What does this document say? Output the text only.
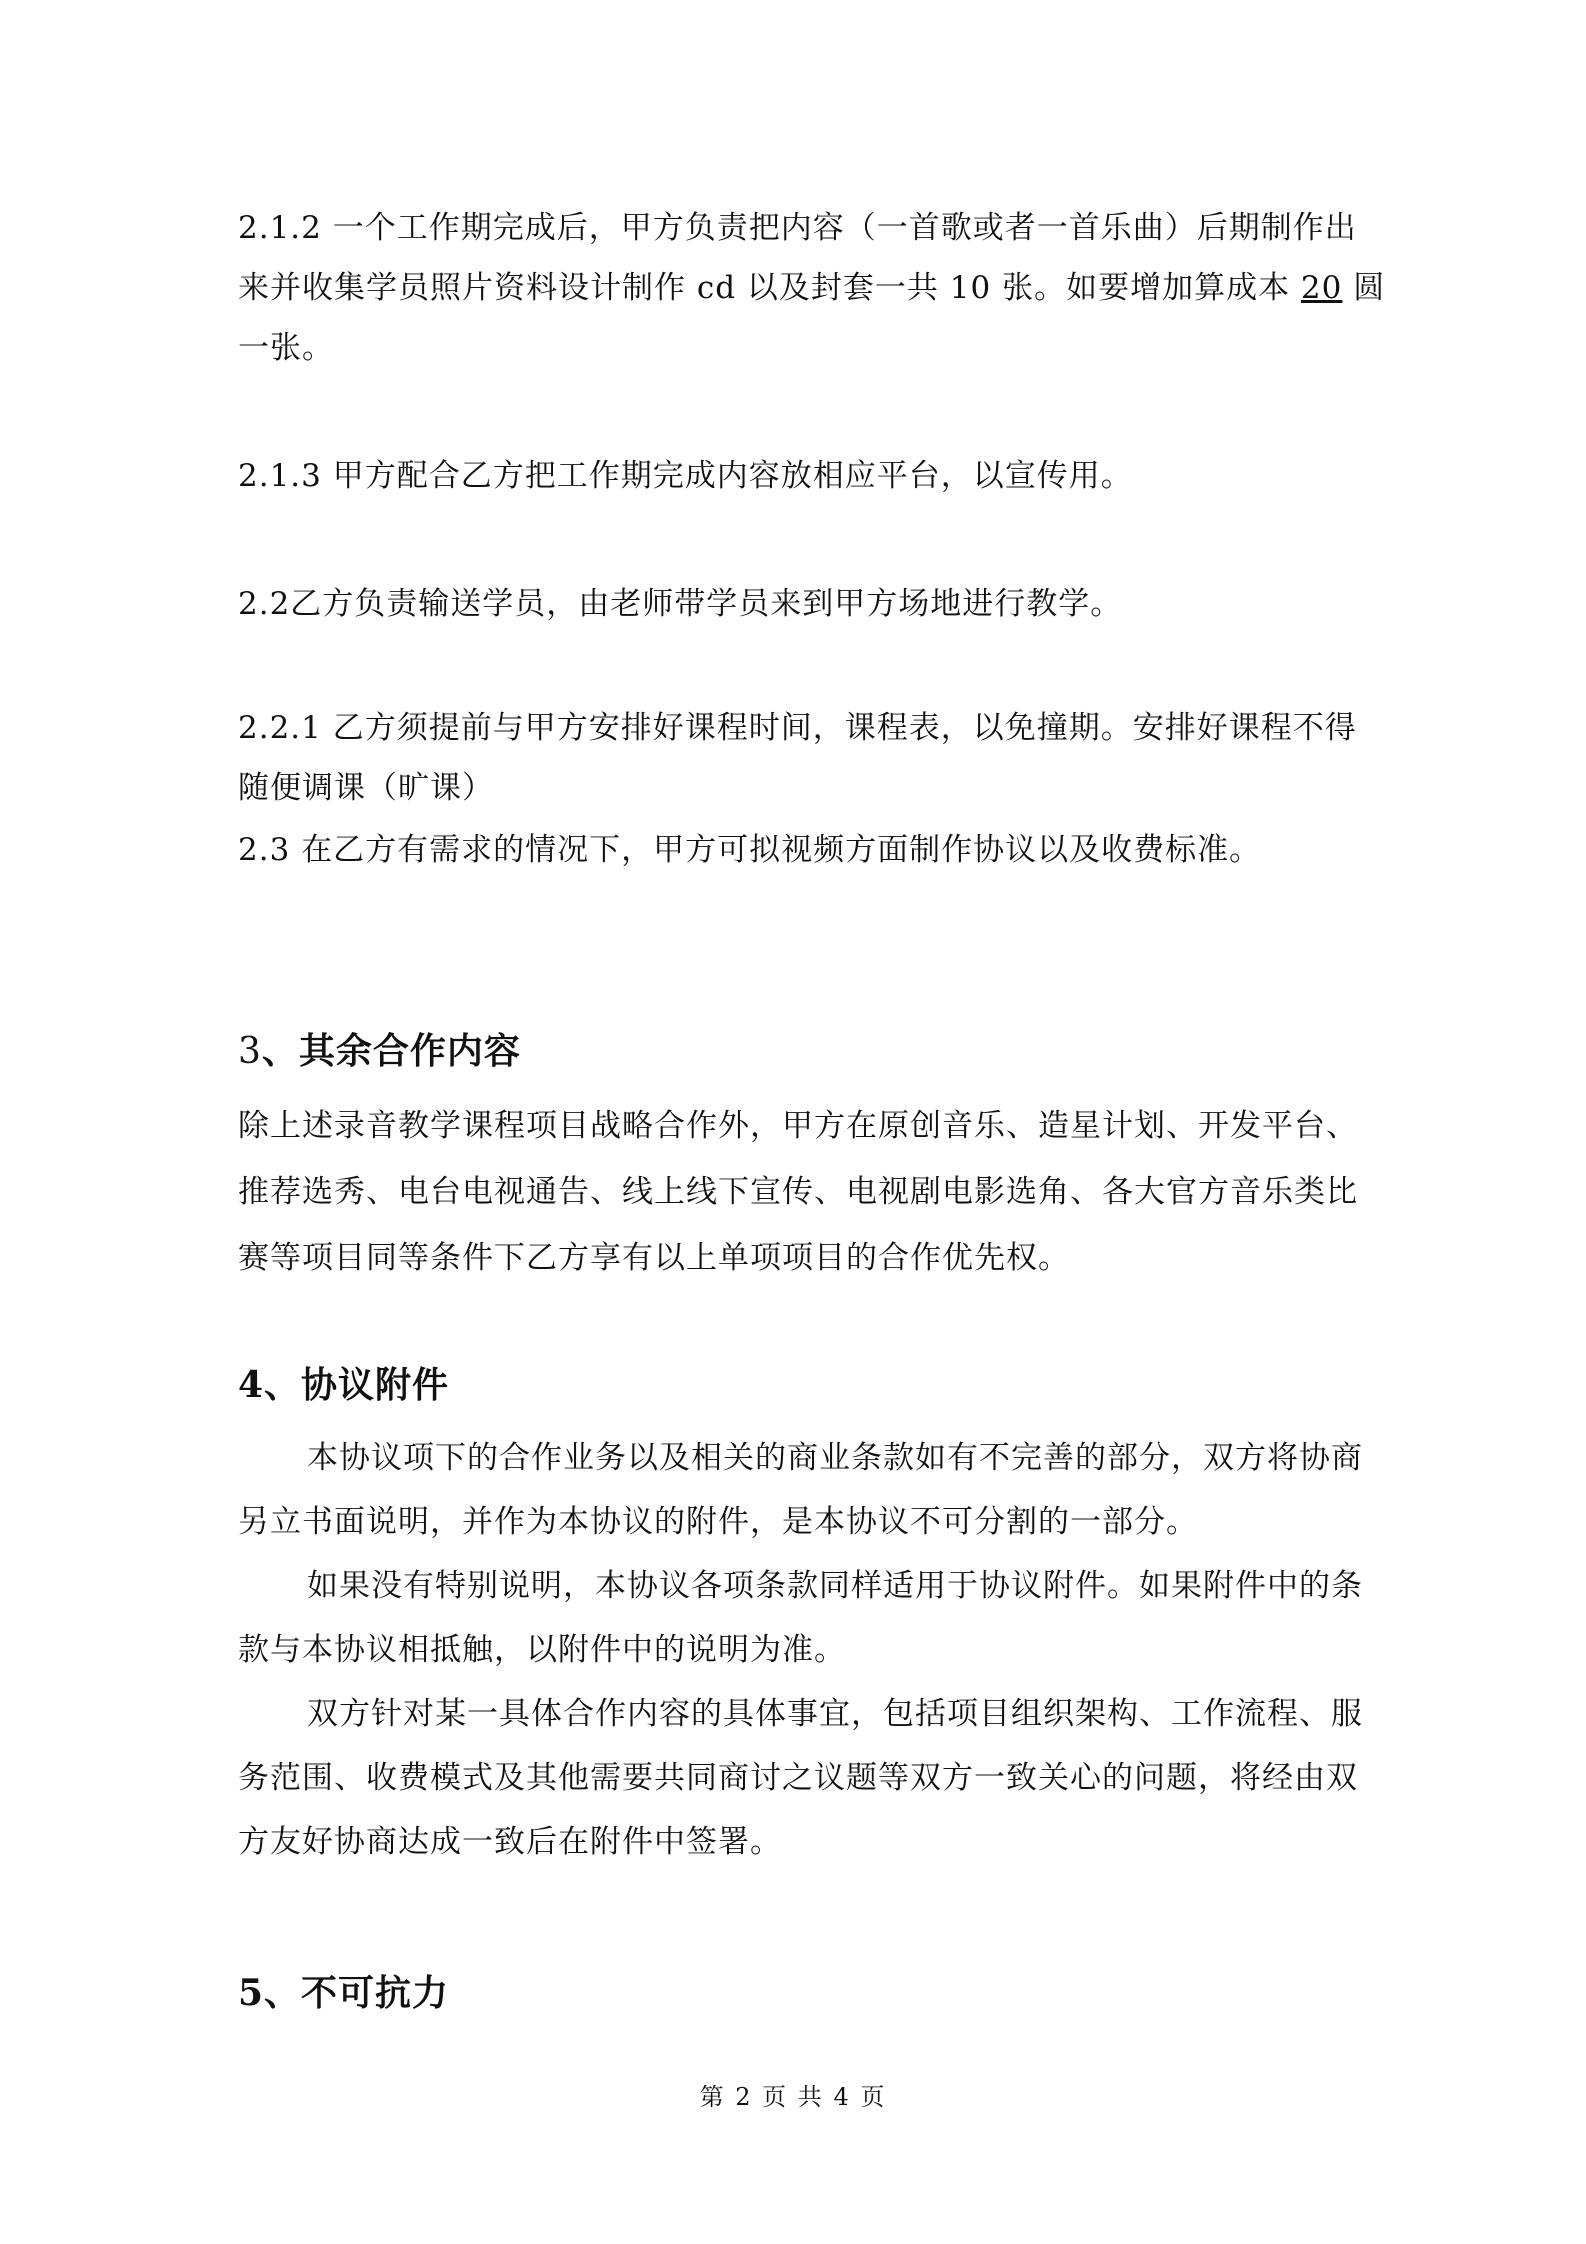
2.1.2 一个工作期完成后，甲方负责把内容（一首歌或者一首乐曲）后期制作出
来并收集学员照片资料设计制作 cd 以及封套一共 10 张。如要增加算成本 20 圆
一张。
2.1.3 甲方配合乙方把工作期完成内容放相应平台，以宣传用。
2.2乙方负责输送学员，由老师带学员来到甲方场地进行教学。
2.2.1 乙方须提前与甲方安排好课程时间，课程表，以免撞期。安排好课程不得
随便调课（旷课）
2.3 在乙方有需求的情况下，甲方可拟视频方面制作协议以及收费标准。
3、其余合作内容
除上述录音教学课程项目战略合作外，甲方在原创音乐、造星计划、开发平台、
推荐选秀、电台电视通告、线上线下宣传、电视剧电影选角、各大官方音乐类比
赛等项目同等条件下乙方享有以上单项项目的合作优先权。
4、协议附件
本协议项下的合作业务以及相关的商业条款如有不完善的部分，双方将协商
另立书面说明，并作为本协议的附件，是本协议不可分割的一部分。
如果没有特别说明，本协议各项条款同样适用于协议附件。如果附件中的条
款与本协议相抵触，以附件中的说明为准。
双方针对某一具体合作内容的具体事宜，包括项目组织架构、工作流程、服
务范围、收费模式及其他需要共同商讨之议题等双方一致关心的问题，将经由双
方友好协商达成一致后在附件中签署。
5、不可抗力
第 2 页 共 4 页
